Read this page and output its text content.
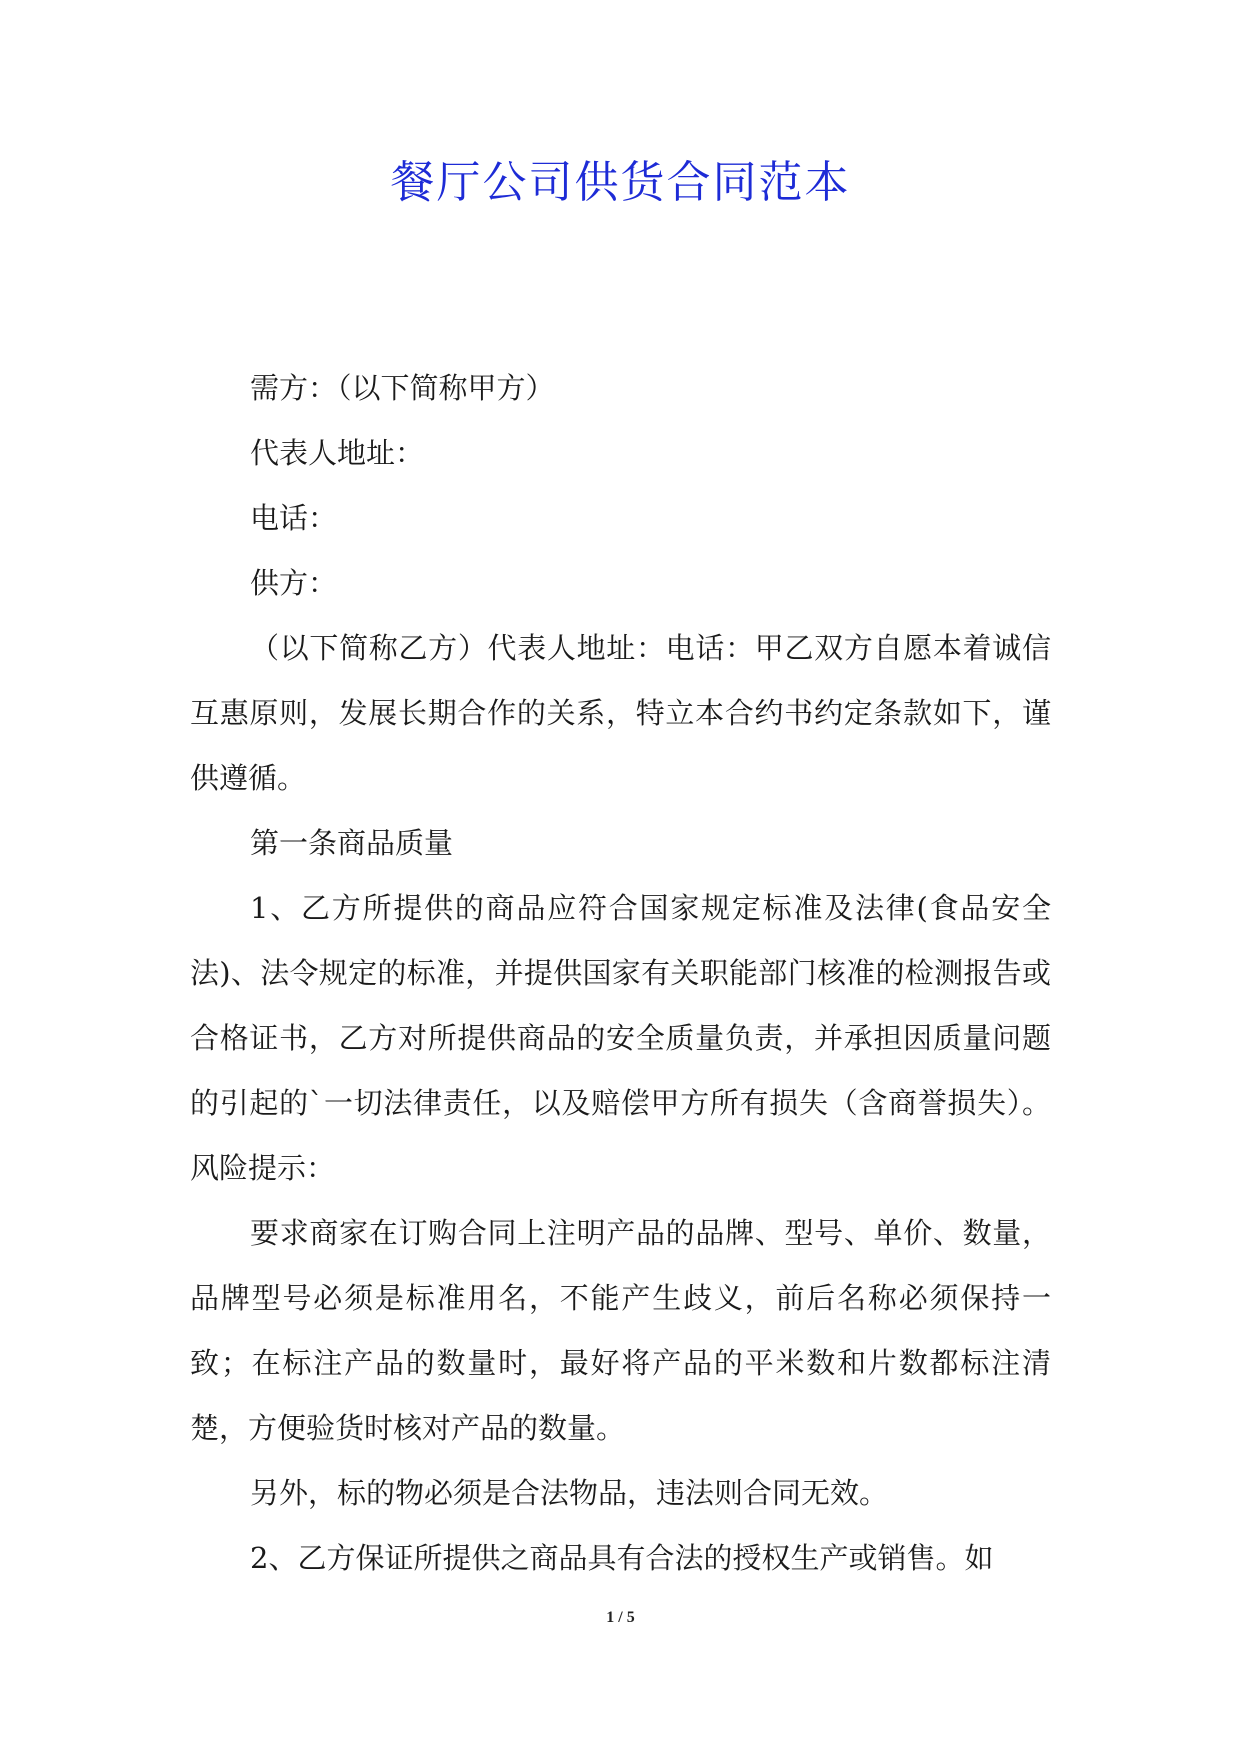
餐厅公司供货合同范本

需方：（以下简称甲方）

代表人地址：

电话：

供方：

（以下简称乙方）代表人地址：电话：甲乙双方自愿本着诚信互惠原则，发展长期合作的关系，特立本合约书约定条款如下，谨供遵循。

第一条商品质量

1、乙方所提供的商品应符合国家规定标准及法律(食品安全法)、法令规定的标准，并提供国家有关职能部门核准的检测报告或合格证书，乙方对所提供商品的安全质量负责，并承担因质量问题的引起的`一切法律责任，以及赔偿甲方所有损失（含商誉损失）。风险提示：

要求商家在订购合同上注明产品的品牌、型号、单价、数量，品牌型号必须是标准用名，不能产生歧义，前后名称必须保持一致；在标注产品的数量时，最好将产品的平米数和片数都标注清楚，方便验货时核对产品的数量。

另外，标的物必须是合法物品，违法则合同无效。

2、乙方保证所提供之商品具有合法的授权生产或销售。如

1 / 5
